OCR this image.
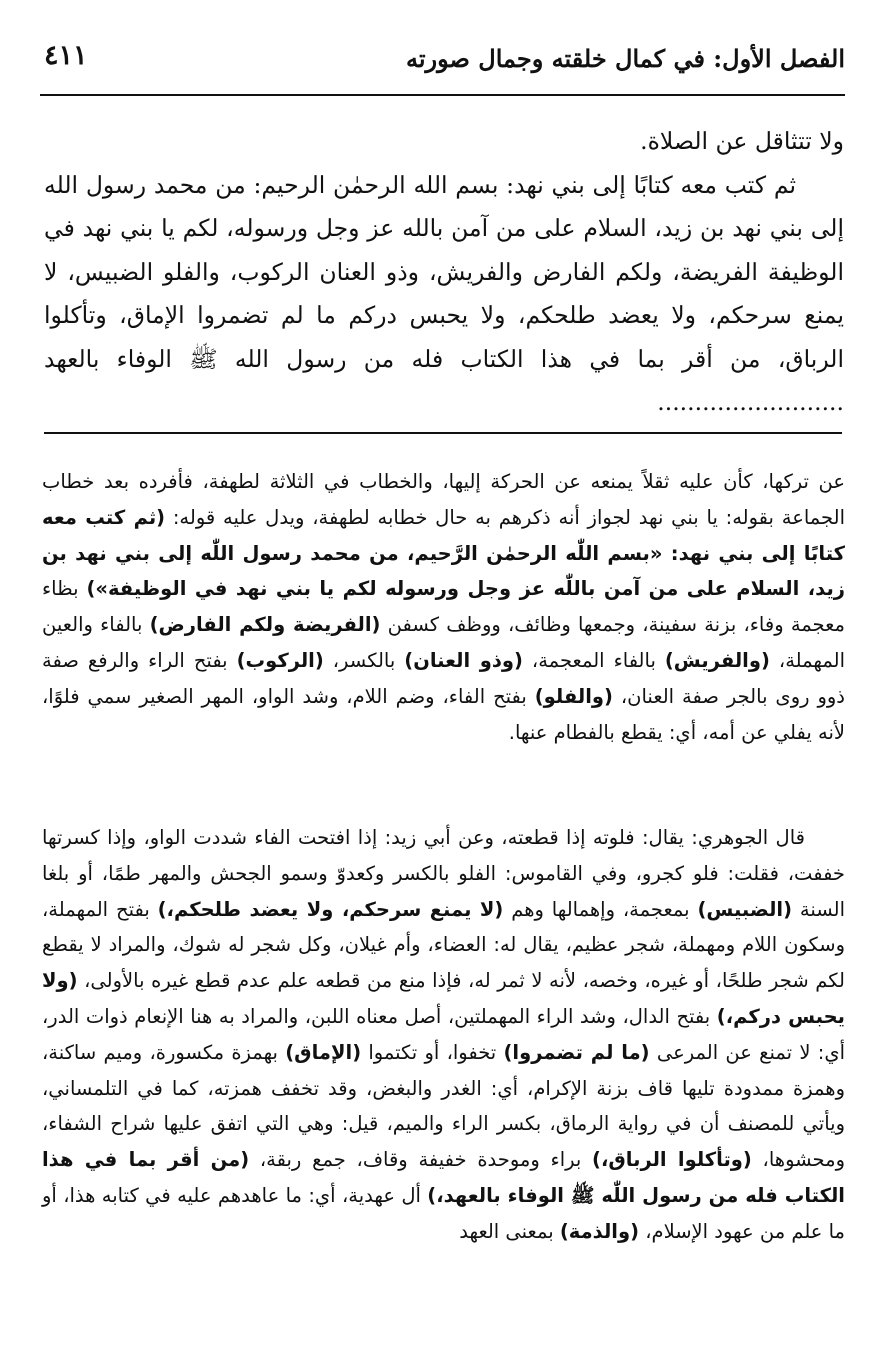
الفصل الأول: في كمال خلقته وجمال صورته
٤١١

ولا تتثاقل عن الصلاة.

ثم كتب معه كتابًا إلى بني نهد: بسم الله الرحمٰن الرحيم: من محمد رسول الله إلى بني نهد بن زيد، السلام على من آمن بالله عز وجل ورسوله، لكم يا بني نهد في الوظيفة الفريضة، ولكم الفارض والفريش، وذو العنان الركوب، والفلو الضبيس، لا يمنع سرحكم، ولا يعضد طلحكم، ولا يحبس دركم ما لم تضمروا الإماق، وتأكلوا الرباق، من أقر بما في هذا الكتاب فله من رسول الله ﷺ الوفاء بالعهد .........................

عن تركها، كأن عليه ثقلاً يمنعه عن الحركة إليها، والخطاب في الثلاثة لطهفة، فأفرده بعد خطاب الجماعة بقوله: يا بني نهد لجواز أنه ذكرهم به حال خطابه لطهفة، ويدل عليه قوله: (ثم كتب معه كتابًا إلى بني نهد: «بسم اللّٰه الرحمٰن الرَّحيم، من محمد رسول اللّٰه إلى بني نهد بن زيد، السلام على من آمن باللّٰه عز وجل ورسوله لكم يا بني نهد في الوظيفة») بظاء معجمة وفاء، بزنة سفينة، وجمعها وظائف، ووظف كسفن (الفريضة ولكم الفارض) بالفاء والعين المهملة، (والفريش) بالفاء المعجمة، (وذو العنان) بالكسر، (الركوب) بفتح الراء والرفع صفة ذوو روى بالجر صفة العنان، (والفلو) بفتح الفاء، وضم اللام، وشد الواو، المهر الصغير سمي فلوًا، لأنه يفلي عن أمه، أي: يقطع بالفطام عنها.

قال الجوهري: يقال: فلوته إذا قطعته، وعن أبي زيد: إذا افتحت الفاء شددت الواو، وإذا كسرتها خففت، فقلت: فلو كجرو، وفي القاموس: الفلو بالكسر وكعدوّ وسمو الجحش والمهر طمًا، أو بلغا السنة (الضبيس) بمعجمة، وإهمالها وهم (لا يمنع سرحكم، ولا يعضد طلحكم،) بفتح المهملة، وسكون اللام ومهملة، شجر عظيم، يقال له: العضاء، وأم غيلان، وكل شجر له شوك، والمراد لا يقطع لكم شجر طلحًا، أو غيره، وخصه، لأنه لا ثمر له، فإذا منع من قطعه علم عدم قطع غيره بالأولى، (ولا يحبس دركم،) بفتح الدال، وشد الراء المهملتين، أصل معناه اللبن، والمراد به هنا الإنعام ذوات الدر، أي: لا تمنع عن المرعى (ما لم تضمروا) تخفوا، أو تكتموا (الإماق) بهمزة مكسورة، وميم ساكنة، وهمزة ممدودة تليها قاف بزنة الإكرام، أي: الغدر والبغض، وقد تخفف همزته، كما في التلمساني، ويأتي للمصنف أن في رواية الرماق، بكسر الراء والميم، قيل: وهي التي اتفق عليها شراح الشفاء، ومحشوها، (وتأكلوا الرباق،) براء وموحدة خفيفة وقاف، جمع ربقة، (من أقر بما في هذا الكتاب فله من رسول اللّٰه ﷺ الوفاء بالعهد،) أل عهدية، أي: ما عاهدهم عليه في كتابه هذا، أو ما علم من عهود الإسلام، (والذمة) بمعنى العهد
